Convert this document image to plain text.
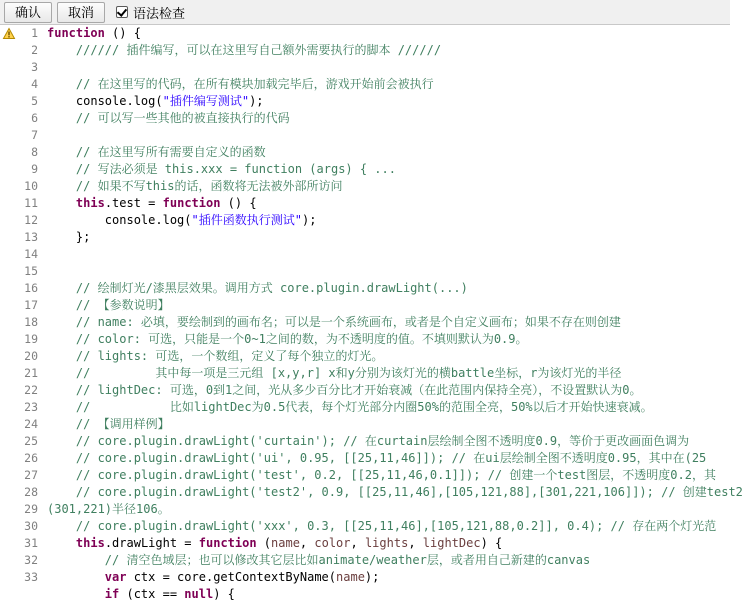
确认	取消	语法检查
1
2
3
4
5
6
7
8
9
10
11
12
13
14
15
16
17
18
19
20
21
22
23
24
25
26
27
28
29
30
31
32
33
function () {
////// 插件编写，可以在这里写自己额外需要执行的脚本 //////

// 在这里写的代码，在所有模块加载完毕后，游戏开始前会被执行
console.log("插件编写测试");
// 可以写一些其他的被直接执行的代码

// 在这里写所有需要自定义的函数
// 写法必须是 this.xxx = function (args) { ...
// 如果不写this的话，函数将无法被外部所访问
this.test = function () {
console.log("插件函数执行测试");
};

// 绘制灯光/漆黑层效果。调用方式 core.plugin.drawLight(...)
// 【参数说明】
// name: 必填，要绘制到的画布名；可以是一个系统画布，或者是个自定义画布；如果不存在则创建
// color: 可选，只能是一个0~1之间的数，为不透明度的值。不填则默认为0.9。
// lights: 可选，一个数组，定义了每个独立的灯光。
//         其中每一项是三元组 [x,y,r] x和y分别为该灯光的横battle坐标，r为该灯光的半径
// lightDec: 可选，0到1之间，光从多少百分比才开始衰减（在此范围内保持全亮），不设置默认为0。
//           比如lightDec为0.5代表，每个灯光部分内圈50%的范围全亮，50%以后才开始快速衰减。
// 【调用样例】
// core.plugin.drawLight('curtain'); // 在curtain层绘制全图不透明度0.9，等价于更改画面色调为
// core.plugin.drawLight('ui', 0.95, [[25,11,46]]); // 在ui层绘制全图不透明度0.95，其中在(25
// core.plugin.drawLight('test', 0.2, [[25,11,46,0.1]]); // 创建一个test图层，不透明度0.2，其
// core.plugin.drawLight('test2', 0.9, [[25,11,46],[105,121,88],[301,221,106]]); // 创建test2
(301,221)半径106。
// core.plugin.drawLight('xxx', 0.3, [[25,11,46],[105,121,88,0.2]], 0.4); // 存在两个灯光范
this.drawLight = function (name, color, lights, lightDec) {
// 清空色域层；也可以修改其它层比如animate/weather层，或者用自己新建的canvas
var ctx = core.getContextByName(name);
if (ctx == null) {
